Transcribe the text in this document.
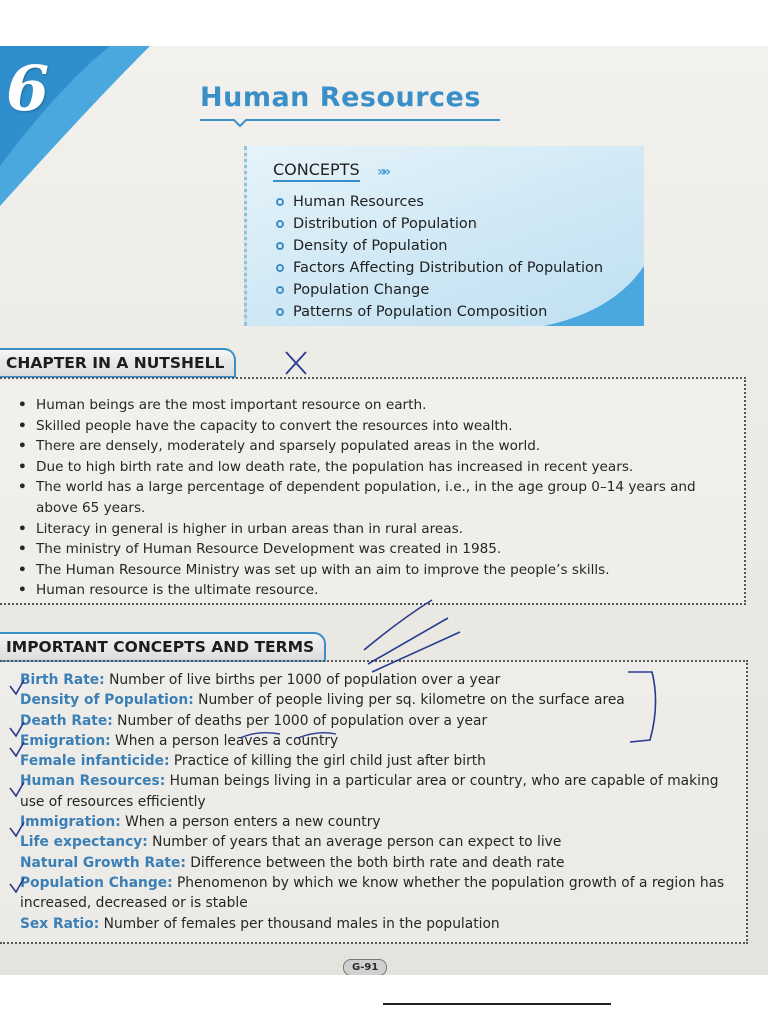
6	Human Resources
CONCEPTS »»
Human Resources
Distribution of Population
Density of Population
Factors Affecting Distribution of Population
Population Change
Patterns of Population Composition
CHAPTER IN A NUTSHELL
• Human beings are the most important resource on earth.
• Skilled people have the capacity to convert the resources into wealth.
• There are densely, moderately and sparsely populated areas in the world.
• Due to high birth rate and low death rate, the population has increased in recent years.
• The world has a large percentage of dependent population, i.e., in the age group 0–14 years and above 65 years.
• Literacy in general is higher in urban areas than in rural areas.
• The ministry of Human Resource Development was created in 1985.
• The Human Resource Ministry was set up with an aim to improve the people’s skills.
• Human resource is the ultimate resource.
IMPORTANT CONCEPTS AND TERMS
Birth Rate: Number of live births per 1000 of population over a year
Density of Population: Number of people living per sq. kilometre on the surface area
Death Rate: Number of deaths per 1000 of population over a year
Emigration: When a person leaves a country
Female infanticide: Practice of killing the girl child just after birth
Human Resources: Human beings living in a particular area or country, who are capable of making use of resources efficiently
Immigration: When a person enters a new country
Life expectancy: Number of years that an average person can expect to live
Natural Growth Rate: Difference between the both birth rate and death rate
Population Change: Phenomenon by which we know whether the population growth of a region has increased, decreased or is stable
Sex Ratio: Number of females per thousand males in the population
G-91
